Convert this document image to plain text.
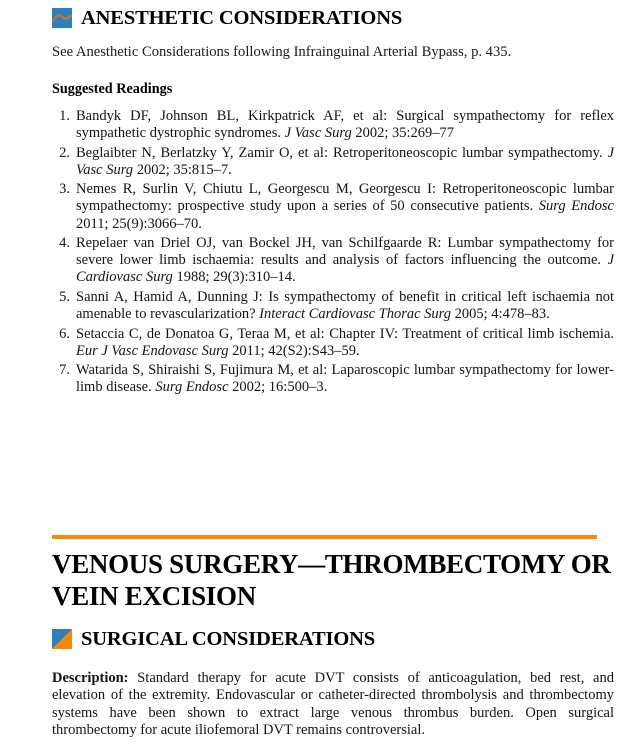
ANESTHETIC CONSIDERATIONS
See Anesthetic Considerations following Infrainguinal Arterial Bypass, p. 435.
Suggested Readings
1. Bandyk DF, Johnson BL, Kirkpatrick AF, et al: Surgical sympathectomy for reflex sympathetic dystrophic syndromes. J Vasc Surg 2002; 35:269–77
2. Beglaibter N, Berlatzky Y, Zamir O, et al: Retroperitoneoscopic lumbar sympathectomy. J Vasc Surg 2002; 35:815–7.
3. Nemes R, Surlin V, Chiutu L, Georgescu M, Georgescu I: Retroperitoneoscopic lumbar sympathectomy: prospective study upon a series of 50 consecutive patients. Surg Endosc 2011; 25(9):3066–70.
4. Repelaer van Driel OJ, van Bockel JH, van Schilfgaarde R: Lumbar sympathectomy for severe lower limb ischaemia: results and analysis of factors influencing the outcome. J Cardiovasc Surg 1988; 29(3):310–14.
5. Sanni A, Hamid A, Dunning J: Is sympathectomy of benefit in critical left ischaemia not amenable to revascularization? Interact Cardiovasc Thorac Surg 2005; 4:478–83.
6. Setaccia C, de Donatoa G, Teraa M, et al: Chapter IV: Treatment of critical limb ischemia. Eur J Vasc Endovasc Surg 2011; 42(S2):S43–59.
7. Watarida S, Shiraishi S, Fujimura M, et al: Laparoscopic lumbar sympathectomy for lower-limb disease. Surg Endosc 2002; 16:500–3.
VENOUS SURGERY—THROMBECTOMY OR VEIN EXCISION
SURGICAL CONSIDERATIONS
Description: Standard therapy for acute DVT consists of anticoagulation, bed rest, and elevation of the extremity. Endovascular or catheter-directed thrombolysis and thrombectomy systems have been shown to extract large venous thrombus burden. Open surgical thrombectomy for acute iliofemoral DVT remains controversial.
